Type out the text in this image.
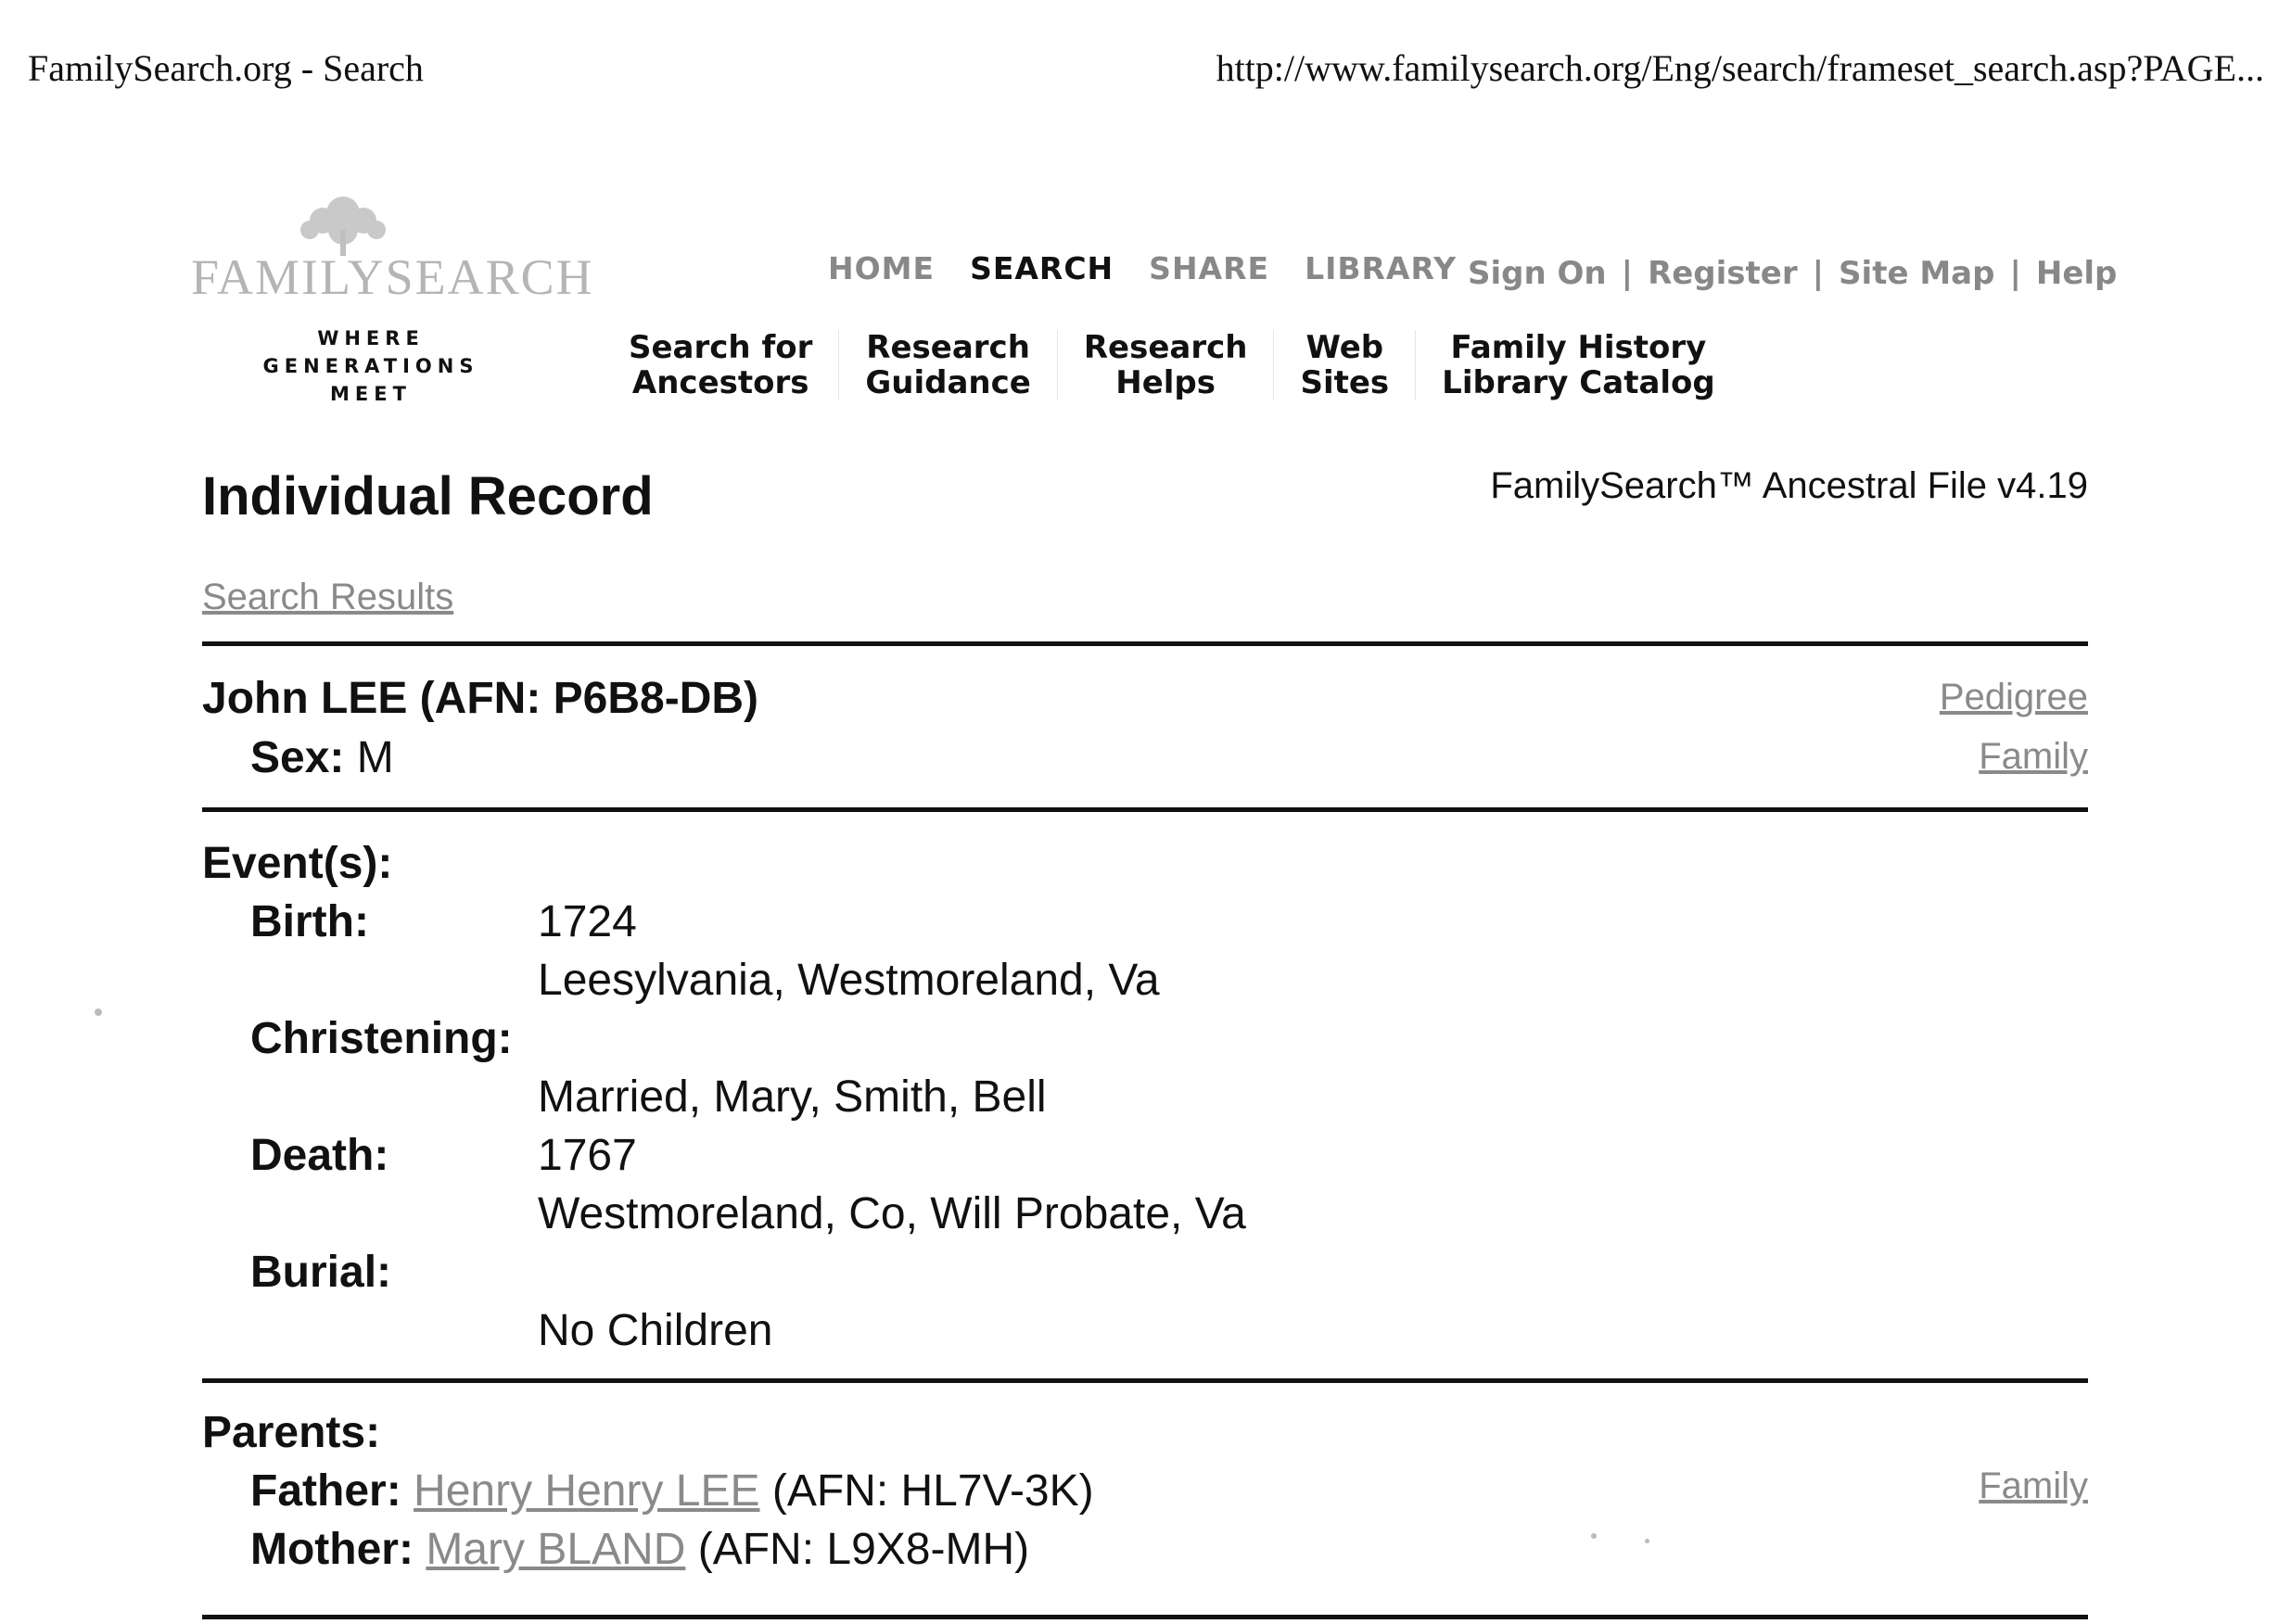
FamilySearch.org - Search	http://www.familysearch.org/Eng/search/frameset_search.asp?PAGE...
FAMILYSEARCH
WHERE
GENERATIONS
MEET
HOME SEARCH SHARE LIBRARY Sign On | Register | Site Map | Help
Search for
Ancestors
Research
Guidance
Research
Helps
Web
Sites
Family History
Library Catalog
Individual Record	FamilySearch™ Ancestral File v4.19
Search Results
John LEE (AFN: P6B8-DB)
Sex: M
Pedigree
Family
Event(s):
Birth:	1724
Leesylvania, Westmoreland, Va
Christening:
Married, Mary, Smith, Bell
Death:	1767
Westmoreland, Co, Will Probate, Va
Burial:
No Children
Parents:
Father: Henry Henry LEE (AFN: HL7V-3K)
Mother: Mary BLAND (AFN: L9X8-MH)
Family
